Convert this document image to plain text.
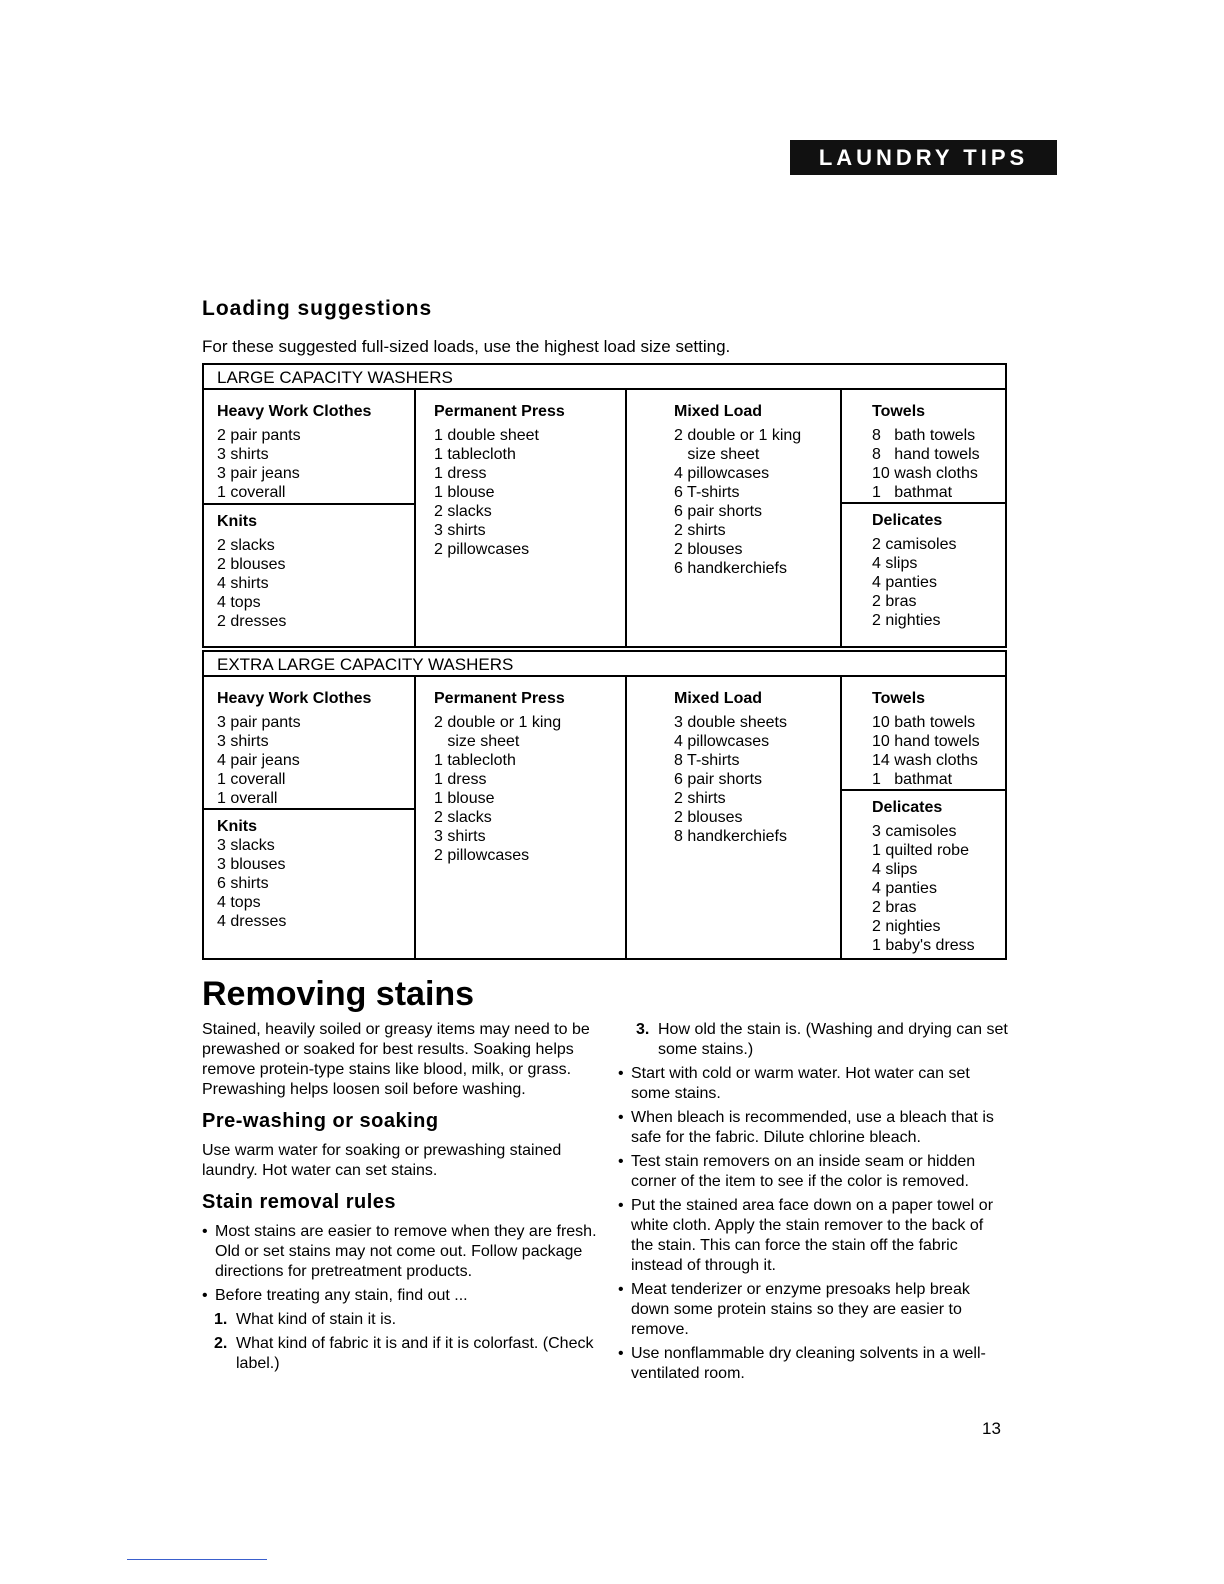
LAUNDRY TIPS
Loading suggestions

For these suggested full-sized loads, use the highest load size setting.

LARGE CAPACITY WASHERS
Heavy Work Clothes
2 pair pants
3 shirts
3 pair jeans
1 coverall
Knits
2 slacks
2 blouses
4 shirts
4 tops
2 dresses
Permanent Press
1 double sheet
1 tablecloth
1 dress
1 blouse
2 slacks
3 shirts
2 pillowcases
Mixed Load
2 double or 1 king
size sheet
4 pillowcases
6 T-shirts
6 pair shorts
2 shirts
2 blouses
6 handkerchiefs
Towels
8   bath towels
8   hand towels
10 wash cloths
1   bathmat
Delicates
2 camisoles
4 slips
4 panties
2 bras
2 nighties
EXTRA LARGE CAPACITY WASHERS
Heavy Work Clothes
3 pair pants
3 shirts
4 pair jeans
1 coverall
1 overall
Knits
3 slacks
3 blouses
6 shirts
4 tops
4 dresses
Permanent Press
2 double or 1 king
size sheet
1 tablecloth
1 dress
1 blouse
2 slacks
3 shirts
2 pillowcases
Mixed Load
3 double sheets
4 pillowcases
8 T-shirts
6 pair shorts
2 shirts
2 blouses
8 handkerchiefs
Towels
10 bath towels
10 hand towels
14 wash cloths
1   bathmat
Delicates
3 camisoles
1 quilted robe
4 slips
4 panties
2 bras
2 nighties
1 baby's dress
Removing stains

Stained, heavily soiled or greasy items may need to be prewashed or soaked for best results. Soaking helps remove protein-type stains like blood, milk, or grass. Prewashing helps loosen soil before washing.

Pre-washing or soaking

Use warm water for soaking or prewashing stained laundry. Hot water can set stains.

Stain removal rules
• Most stains are easier to remove when they are fresh. Old or set stains may not come out. Follow package directions for pretreatment products.
• Before treating any stain, find out ...
1. What kind of stain it is.
2. What kind of fabric it is and if it is colorfast. (Check label.)
3. How old the stain is. (Washing and drying can set some stains.)
• Start with cold or warm water. Hot water can set some stains.
• When bleach is recommended, use a bleach that is safe for the fabric. Dilute chlorine bleach.
• Test stain removers on an inside seam or hidden corner of the item to see if the color is removed.
• Put the stained area face down on a paper towel or white cloth. Apply the stain remover to the back of the stain. This can force the stain off the fabric instead of through it.
• Meat tenderizer or enzyme presoaks help break down some protein stains so they are easier to remove.
• Use nonflammable dry cleaning solvents in a well-ventilated room.
13
